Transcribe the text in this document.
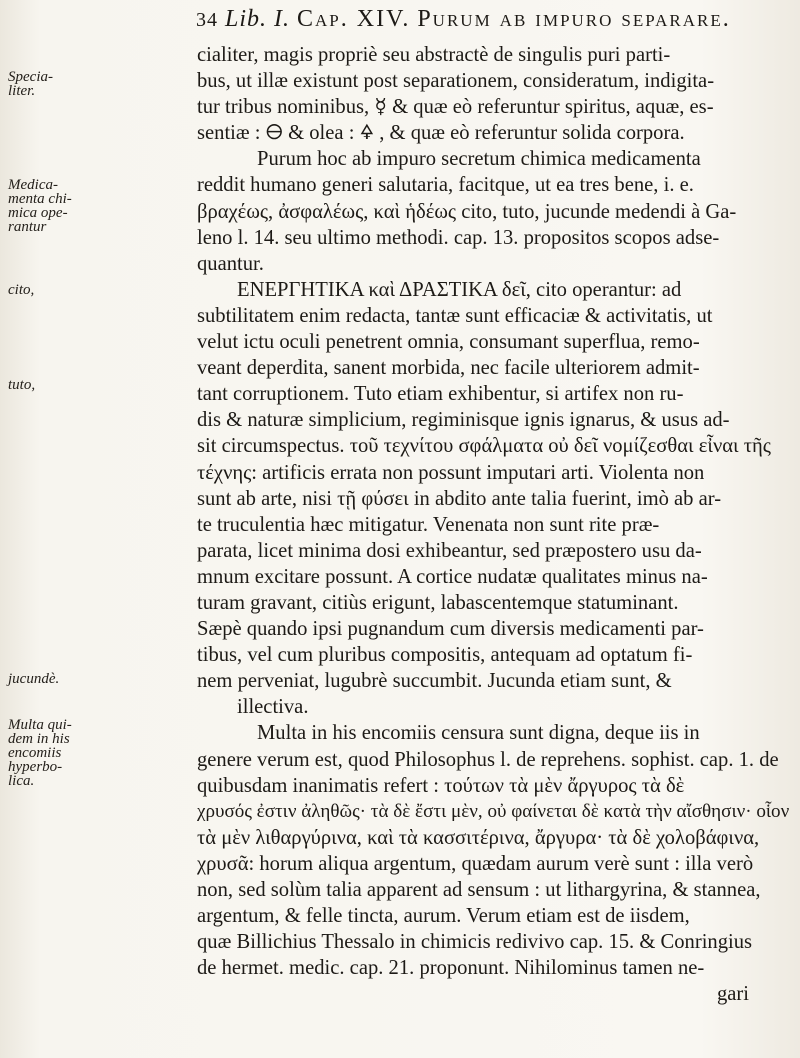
34 Lib. I. Cap. XIV. Purum ab impuro separare.
Specia-
liter.
Medica-
menta chi-
mica ope-
rantur
cito,
tuto,
jucundè.
Multa qui-
dem in his
encomiis
hyperbo-
lica.
cialiter, magis propriè seu abstractè de singulis puri parti-
bus, ut illæ existunt post separationem, consideratum, indigita-
tur tribus nominibus, ☿ & quæ eò referuntur spiritus, aquæ, es-
sentiæ : 🜔 & olea : 🜍 , & quæ eò referuntur solida corpora.
Purum hoc ab impuro secretum chimica medicamenta
reddit humano generi salutaria, facitque, ut ea tres bene, i. e.
βραχέως, ἀσφαλέως, καὶ ἡδέως cito, tuto, jucunde medendi à Ga-
leno l. 14. seu ultimo methodi. cap. 13. propositos scopos adse-
quantur.
ΕΝΕΡΓΗΤΙΚΑ καὶ ΔΡΑΣΤΙΚΑ δεῖ, cito operantur: ad
subtilitatem enim redacta, tantæ sunt efficaciæ & activitatis, ut
velut ictu oculi penetrent omnia, consumant superflua, remo-
veant deperdita, sanent morbida, nec facile ulteriorem admit-
tant corruptionem. Tuto etiam exhibentur, si artifex non ru-
dis & naturæ simplicium, regiminisque ignis ignarus, & usus ad-
sit circumspectus. τοῦ τεχνίτου σφάλματα οὐ δεῖ νομίζεσθαι εἶναι τῆς
τέχνης: artificis errata non possunt imputari arti. Violenta non
sunt ab arte, nisi τῇ φύσει in abdito ante talia fuerint, imò ab ar-
te truculentia hæc mitigatur. Venenata non sunt rite præ-
parata, licet minima dosi exhibeantur, sed præpostero usu da-
mnum excitare possunt. A cortice nudatæ qualitates minus na-
turam gravant, citiùs erigunt, labascentemque statuminant.
Sæpè quando ipsi pugnandum cum diversis medicamenti par-
tibus, vel cum pluribus compositis, antequam ad optatum fi-
nem perveniat, lugubrè succumbit. Jucunda etiam sunt, &
illectiva.
Multa in his encomiis censura sunt digna, deque iis in
genere verum est, quod Philosophus l. de reprehens. sophist. cap. 1. de
quibusdam inanimatis refert : τούτων τὰ μὲν ἄργυρος τὰ δὲ
χρυσός ἐστιν ἀληθῶς· τὰ δὲ ἔστι μὲν, οὐ φαίνεται δὲ κατὰ τὴν αἴσθησιν· οἷον
τὰ μὲν λιθαργύρινα, καὶ τὰ κασσιτέρινα, ἄργυρα· τὰ δὲ χολοβάφινα,
χρυσᾶ: horum aliqua argentum, quædam aurum verè sunt : illa verò
non, sed solùm talia apparent ad sensum : ut lithargyrina, & stannea,
argentum, & felle tincta, aurum. Verum etiam est de iisdem,
quæ Billichius Thessalo in chimicis redivivo cap. 15. & Conringius
de hermet. medic. cap. 21. proponunt. Nihilominus tamen ne-
gari
